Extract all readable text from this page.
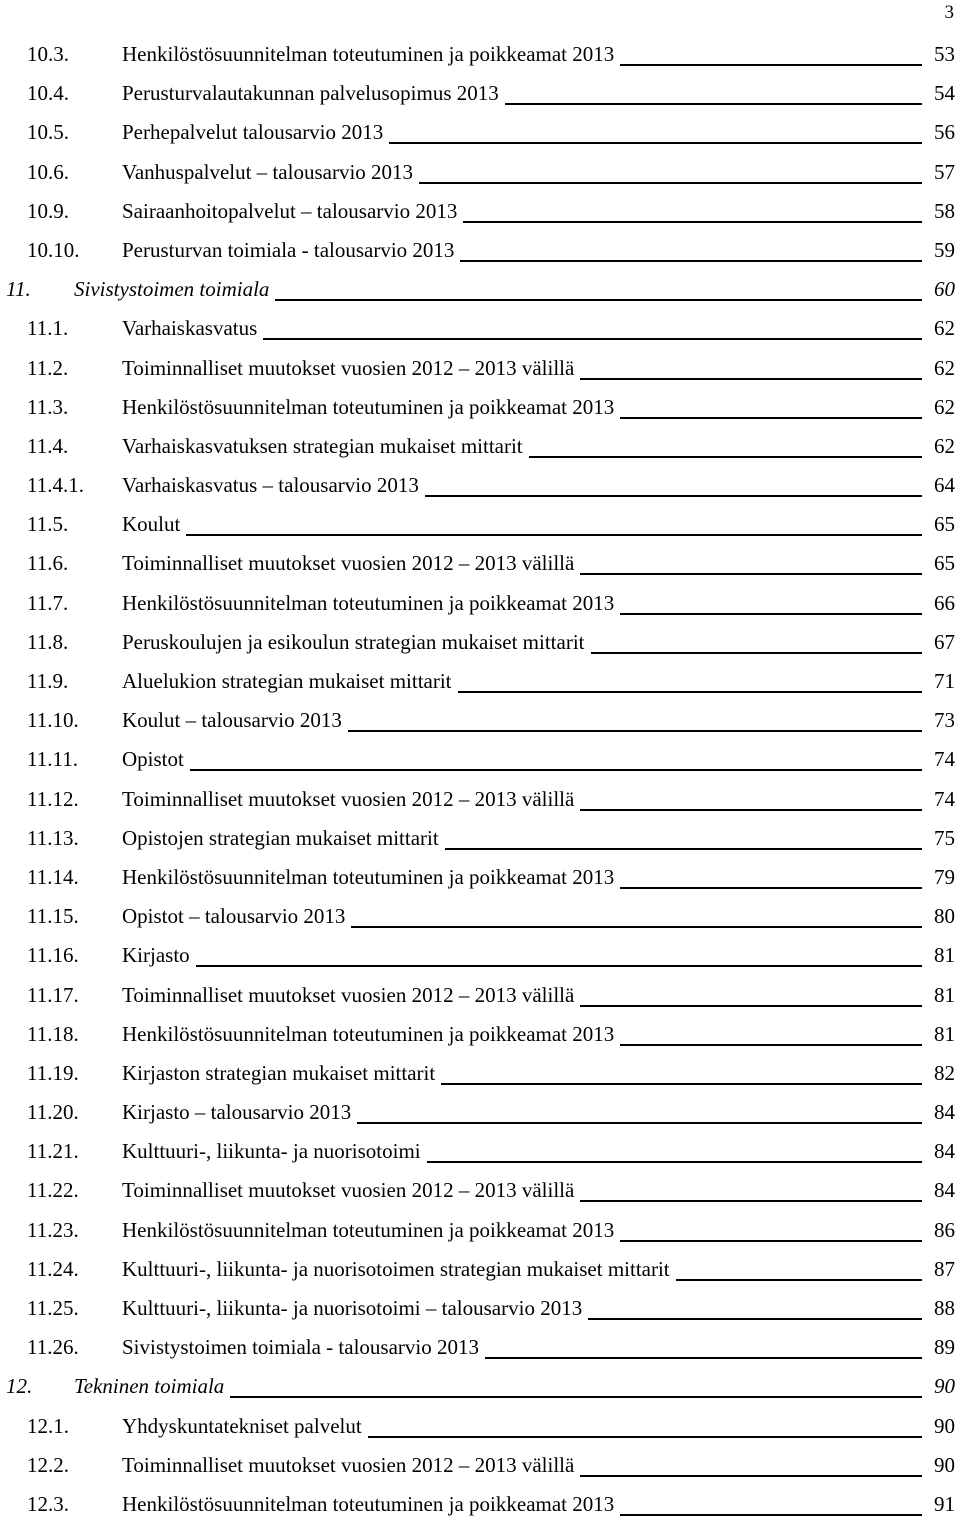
3
10.3.	Henkilöstösuunnitelman toteutuminen ja poikkeamat 2013	53
10.4.	Perusturvalautakunnan palvelusopimus 2013	54
10.5.	Perhepalvelut talousarvio 2013	56
10.6.	Vanhuspalvelut – talousarvio 2013	57
10.9.	Sairaanhoitopalvelut – talousarvio 2013	58
10.10. Perusturvan toimiala - talousarvio 2013	59
11. Sivistystoimen toimiala	60
11.1.	Varhaiskasvatus	62
11.2.	Toiminnalliset muutokset vuosien 2012 – 2013 välillä	62
11.3.	Henkilöstösuunnitelman toteutuminen ja poikkeamat 2013	62
11.4.	Varhaiskasvatuksen strategian mukaiset mittarit	62
11.4.1. Varhaiskasvatus – talousarvio 2013	64
11.5.	Koulut	65
11.6.	Toiminnalliset muutokset vuosien 2012 – 2013 välillä	65
11.7.	Henkilöstösuunnitelman toteutuminen ja poikkeamat 2013	66
11.8.	Peruskoulujen ja esikoulun strategian mukaiset mittarit	67
11.9.	Aluelukion strategian mukaiset mittarit	71
11.10. Koulut – talousarvio 2013	73
11.11. Opistot	74
11.12. Toiminnalliset muutokset vuosien 2012 – 2013 välillä	74
11.13. Opistojen strategian mukaiset mittarit	75
11.14. Henkilöstösuunnitelman toteutuminen ja poikkeamat 2013	79
11.15. Opistot – talousarvio 2013	80
11.16. Kirjasto	81
11.17. Toiminnalliset muutokset vuosien 2012 – 2013 välillä	81
11.18. Henkilöstösuunnitelman toteutuminen ja poikkeamat 2013	81
11.19. Kirjaston strategian mukaiset mittarit	82
11.20. Kirjasto – talousarvio 2013	84
11.21. Kulttuuri-, liikunta- ja nuorisotoimi	84
11.22. Toiminnalliset muutokset vuosien 2012 – 2013 välillä	84
11.23. Henkilöstösuunnitelman toteutuminen ja poikkeamat 2013	86
11.24. Kulttuuri-, liikunta- ja nuorisotoimen strategian mukaiset mittarit	87
11.25. Kulttuuri-, liikunta- ja nuorisotoimi – talousarvio 2013	88
11.26. Sivistystoimen toimiala - talousarvio 2013	89
12. Tekninen toimiala	90
12.1.	Yhdyskuntatekniset palvelut	90
12.2.	Toiminnalliset muutokset vuosien 2012 – 2013 välillä	90
12.3.	Henkilöstösuunnitelman toteutuminen ja poikkeamat 2013	91
